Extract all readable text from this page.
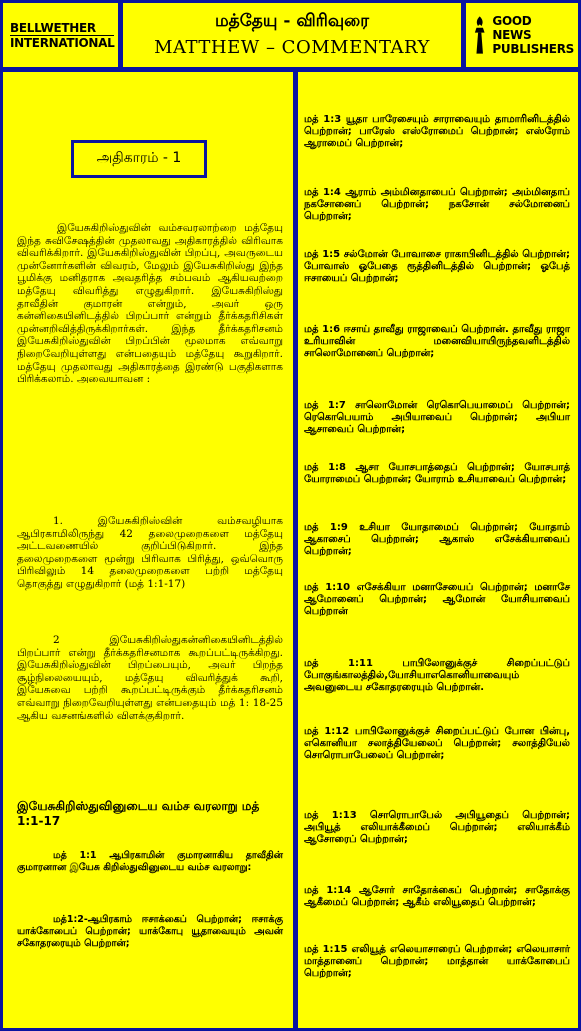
BELLWETHER
INTERNATIONAL
மத்தேயு - விரிவுரை
MATTHEW – COMMENTARY
GOOD NEWS
PUBLISHERS
அதிகாரம் - 1
இயேசுகிறிஸ்துவின் வம்சவரலாற்றை மத்தேயு இந்த சுவிசேஷத்தின் முதலாவது அதிகாரத்தில் விரிவாக விவரிக்கிறார். இயேசுகிறிஸ்துவின் பிறப்பு, அவருடைய முன்னோர்களின் விவரம், மேலும் இயேசுகிறிஸ்து இந்த பூமிக்கு மனிதராக அவதரித்த சம்பவம் ஆகியவற்றை மத்தேயு விவரித்து எழுதுகிறார். இயேசுகிறிஸ்து தாவீதின் குமாரன் என்றும், அவர் ஒரு கன்னிகையினிடத்தில் பிறப்பார் என்றும் தீர்க்கதரிசிகள் முன்னறிவித்திருக்கிறார்கள். இந்த தீர்க்கதரிசனம் இயேசுகிறிஸ்துவின் பிறப்பின் மூலமாக எவ்வாறு நிறைவேறியுள்ளது என்பதையும் மத்தேயு கூறுகிறார். மத்தேயு முதலாவது அதிகாரத்தை இரண்டு பகுதிகளாக பிரிக்கலாம். அவையாவன :
1. இயேசுகிறிஸ்வின் வம்சவழியாக ஆபிரகாமிலிருந்து 42 தலைமுறைகளை மத்தேயு அட்டவணையில் குறிப்பிடுகிறார். இந்த தலைமுறைகளை மூன்று பிரிவாக பிரித்து, ஒவ்வொரு பிரிவிலும் 14 தலைமுறைகளை பற்றி மத்தேயு தொகுத்து எழுதுகிறார் (மத் 1:1-17)
2 இயேசுகிறிஸ்துகன்னிகையினிடத்தில் பிறப்பார் என்று தீர்க்கதரிசனமாக கூறப்பட்டிருக்கிறது. இயேசுகிறிஸ்துவின் பிறப்பையும், அவர் பிறந்த சூழ்நிலையையும், மத்தேயு விவரித்துக் கூறி, இயேசுவை பற்றி கூறப்பட்டிருக்கும் தீர்க்கதரிசனம் எவ்வாறு நிறைவேறியுள்ளது என்பதையும் மத் 1: 18-25 ஆகிய வசனங்களில் விளக்குகிறார்.
இயேசுகிறிஸ்துவினுடைய வம்ச வரலாறு மத் 1:1-17
மத் 1:1 ஆபிரகாமின் குமாரனாகிய தாவீதின் குமாரனான இயேசு கிறிஸ்துவினுடைய வம்ச வரலாறு:
மத்1:2-ஆபிரகாம் ஈசாக்கைப் பெற்றான்; ஈசாக்கு யாக்கோபைப் பெற்றான்; யாக்கோபு யூதாவையும் அவன் சகோதரரையும் பெற்றான்;
மத் 1:3 யூதா பாரேசையும் சாராவையும் தாமாரினிடத்தில் பெற்றான்; பாரேஸ் எஸ்ரோமைப் பெற்றான்; எஸ்ரோம் ஆராமைப் பெற்றான்;
மத் 1:4 ஆராம் அம்மினதாபைப் பெற்றான்; அம்மினதாப் நகசோனைப் பெற்றான்; நகசோன் சல்மோனைப் பெற்றான்;
மத் 1:5 சல்மோன் போவாசை ராகாபினிடத்தில் பெற்றான்; போவாஸ் ஓபேதை ரூத்தினிடத்தில் பெற்றான்; ஓபேத் ஈசாயைப் பெற்றான்;
மத் 1:6 ஈசாய் தாவீது ராஜாவைப் பெற்றான். தாவீது ராஜா உரியாவின் மனைவியாயிருந்தவளிடத்தில் சாலொமோனைப் பெற்றான்;
மத் 1:7 சாலொமோன் ரெகொபெயாமைப் பெற்றான்; ரெகொபெயாம் அபியாவைப் பெற்றான்; அபியா ஆசாவைப் பெற்றான்;
மத் 1:8 ஆசா யோசபாத்தைப் பெற்றான்; யோசபாத் யோராமைப் பெற்றான்; யோராம் உசியாவைப் பெற்றான்;
மத் 1:9 உசியா யோதாமைப் பெற்றான்; யோதாம் ஆகாசைப் பெற்றான்; ஆகாஸ் எசேக்கியாவைப் பெற்றான்;
மத் 1:10 எசேக்கியா மனாசேயைப் பெற்றான்; மனாசே ஆமோனைப் பெற்றான்; ஆமோன் யோசியாவைப் பெற்றான்
மத் 1:11 பாபிலோனுக்குச் சிறைப்பட்டுப் போகுங்காலத்தில்,யோசியாஎகொனியாவையும் அவனுடைய சகோதரரையும் பெற்றான்.
மத் 1:12 பாபிலோனுக்குச் சிறைப்பட்டுப் போன பின்பு, எகொனியா சலாத்தியேலைப் பெற்றான்; சலாத்தியேல் சொரொபாபேலைப் பெற்றான்;
மத் 1:13 சொரொபாபேல் அபியூதைப் பெற்றான்; அபியூத் எலியாக்கீமைப் பெற்றான்; எலியாக்கீம் ஆசோரைப் பெற்றான்;
மத் 1:14 ஆசோர் சாதோக்கைப் பெற்றான்; சாதோக்கு ஆகீமைப் பெற்றான்; ஆகீம் எலியூதைப் பெற்றான்;
மத் 1:15 எலியூத் எலெயாசாரைப் பெற்றான்; எலெயாசார் மாத்தானைப் பெற்றான்; மாத்தான் யாக்கோபைப் பெற்றான்;
